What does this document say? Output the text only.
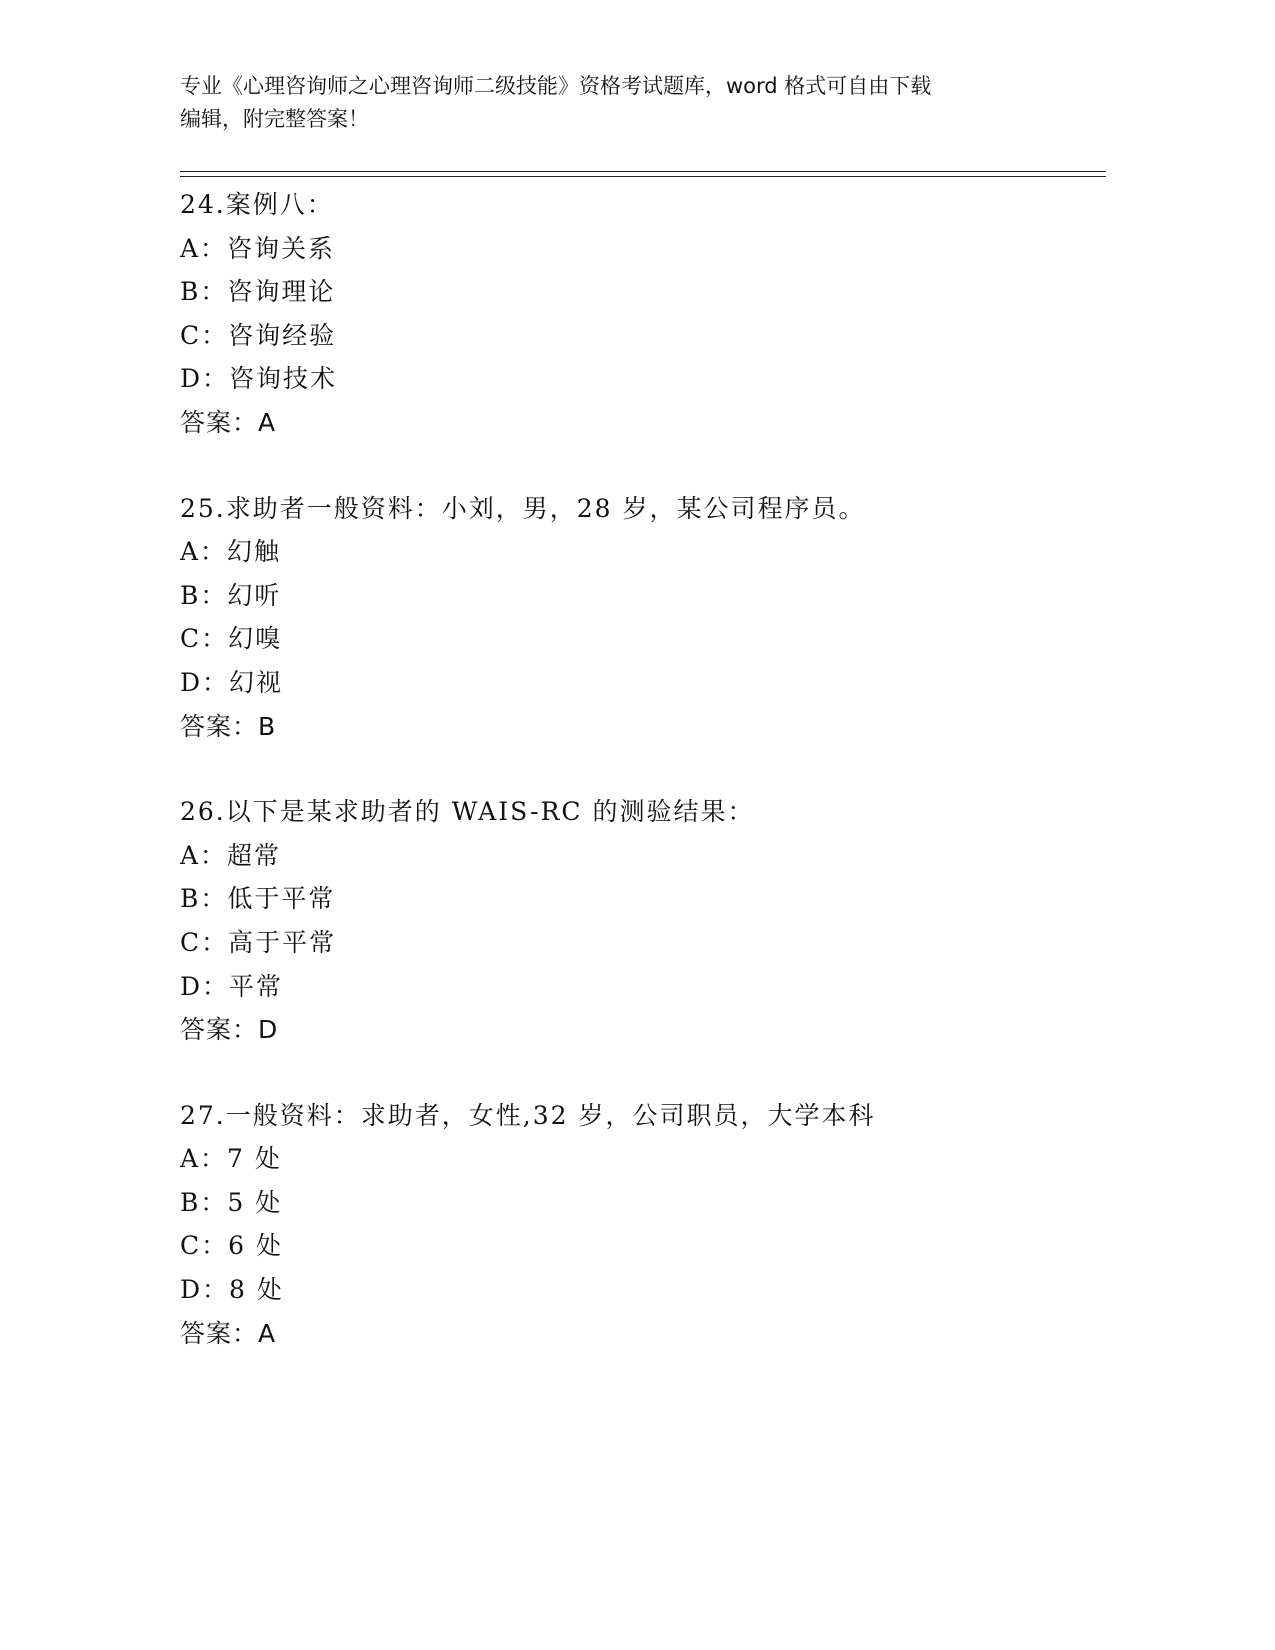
专业《心理咨询师之心理咨询师二级技能》资格考试题库，word 格式可自由下载
编辑，附完整答案！
24.案例八：
A：咨询关系
B：咨询理论
C：咨询经验
D：咨询技术
答案：A
25.求助者一般资料：小刘，男，28 岁，某公司程序员。
A：幻触
B：幻听
C：幻嗅
D：幻视
答案：B
26.以下是某求助者的 WAIS-RC 的测验结果：
A：超常
B：低于平常
C：高于平常
D：平常
答案：D
27.一般资料：求助者，女性,32 岁，公司职员，大学本科
A：7 处
B：5 处
C：6 处
D：8 处
答案：A
